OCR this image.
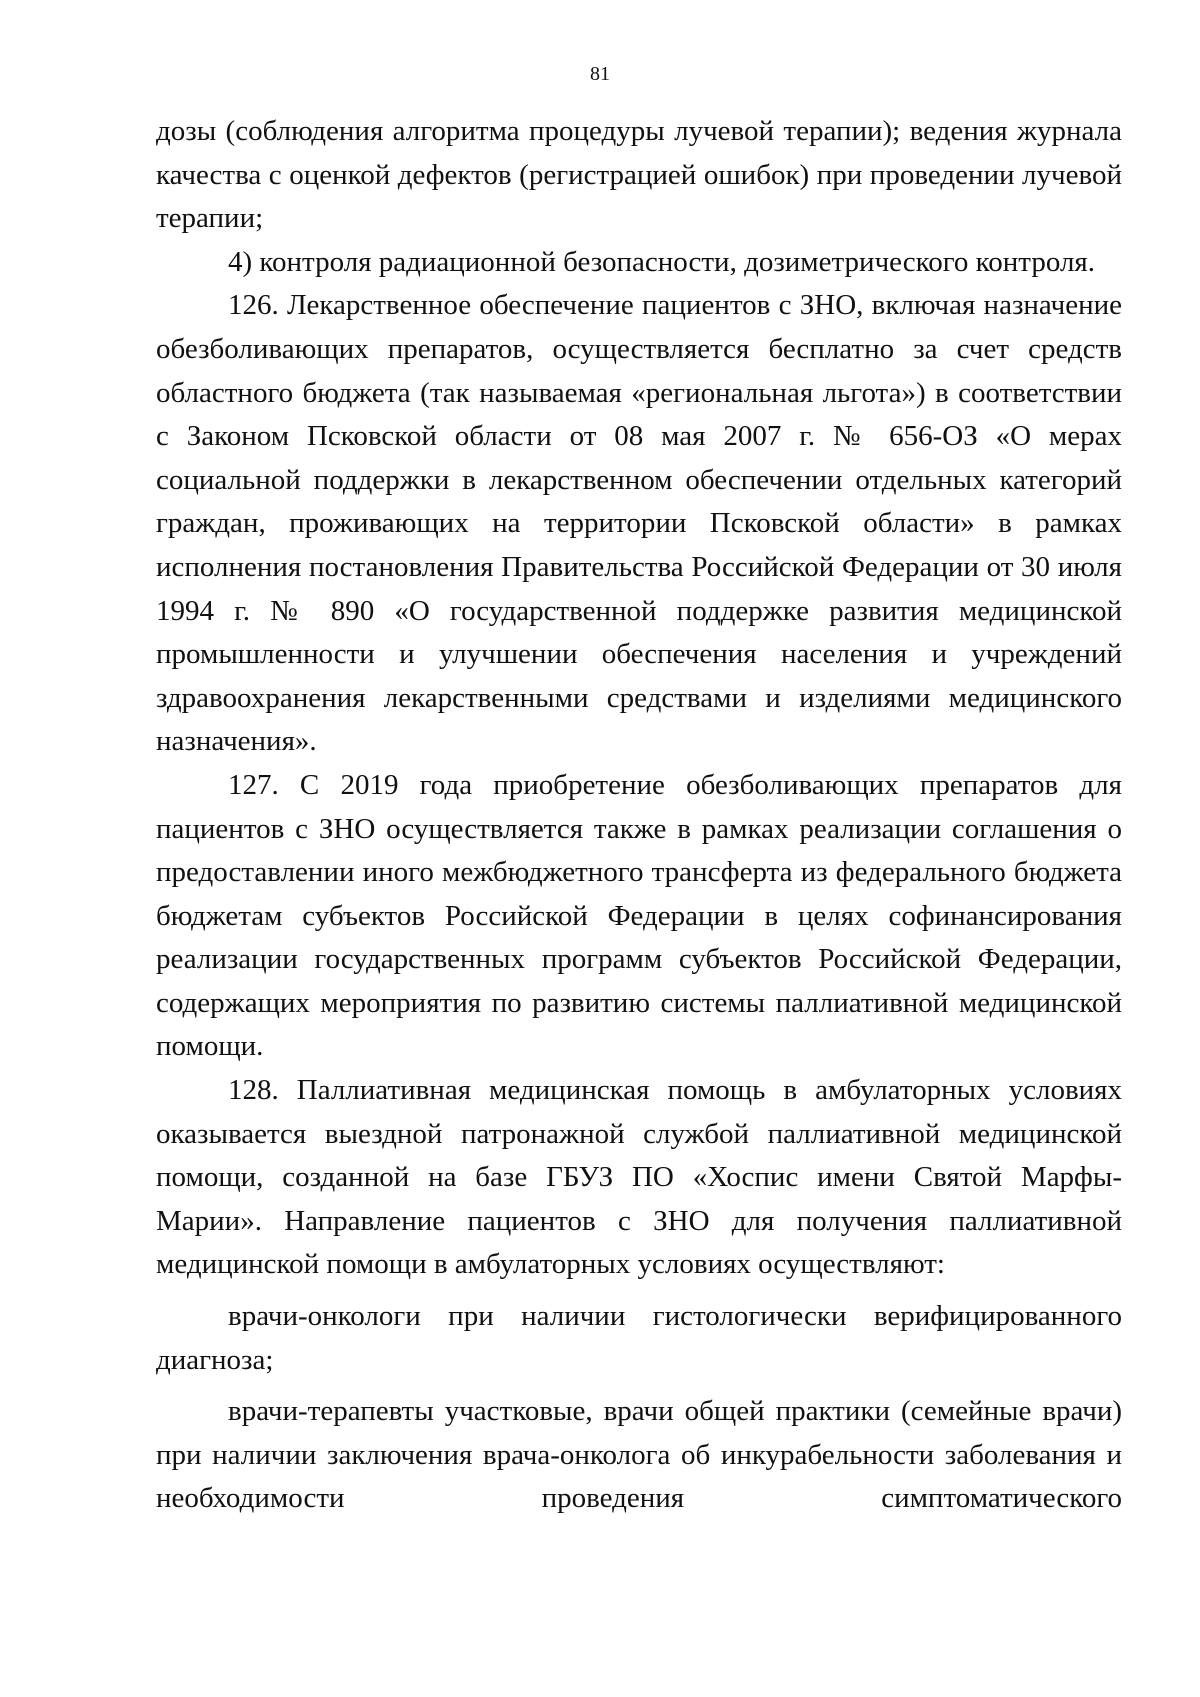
81

дозы (соблюдения алгоритма процедуры лучевой терапии); ведения журнала качества с оценкой дефектов (регистрацией ошибок) при проведении лучевой терапии;

4) контроля радиационной безопасности, дозиметрического контроля.

126. Лекарственное обеспечение пациентов с ЗНО, включая назначение обезболивающих препаратов, осуществляется бесплатно за счет средств областного бюджета (так называемая «региональная льгота») в соответствии с Законом Псковской области от 08 мая 2007 г. № 656-ОЗ «О мерах социальной поддержки в лекарственном обеспечении отдельных категорий граждан, проживающих на территории Псковской области» в рамках исполнения постановления Правительства Российской Федерации от 30 июля 1994 г. № 890 «О государственной поддержке развития медицинской промышленности и улучшении обеспечения населения и учреждений здравоохранения лекарственными средствами и изделиями медицинского назначения».

127. С 2019 года приобретение обезболивающих препаратов для пациентов с ЗНО осуществляется также в рамках реализации соглашения о предоставлении иного межбюджетного трансферта из федерального бюджета бюджетам субъектов Российской Федерации в целях софинансирования реализации государственных программ субъектов Российской Федерации, содержащих мероприятия по развитию системы паллиативной медицинской помощи.

128. Паллиативная медицинская помощь в амбулаторных условиях оказывается выездной патронажной службой паллиативной медицинской помощи, созданной на базе ГБУЗ ПО «Хоспис имени Святой Марфы-Марии». Направление пациентов с ЗНО для получения паллиативной медицинской помощи в амбулаторных условиях осуществляют:

врачи-онкологи при наличии гистологически верифицированного диагноза;

врачи-терапевты участковые, врачи общей практики (семейные врачи) при наличии заключения врача-онколога об инкурабельности заболевания и необходимости проведения симптоматического
